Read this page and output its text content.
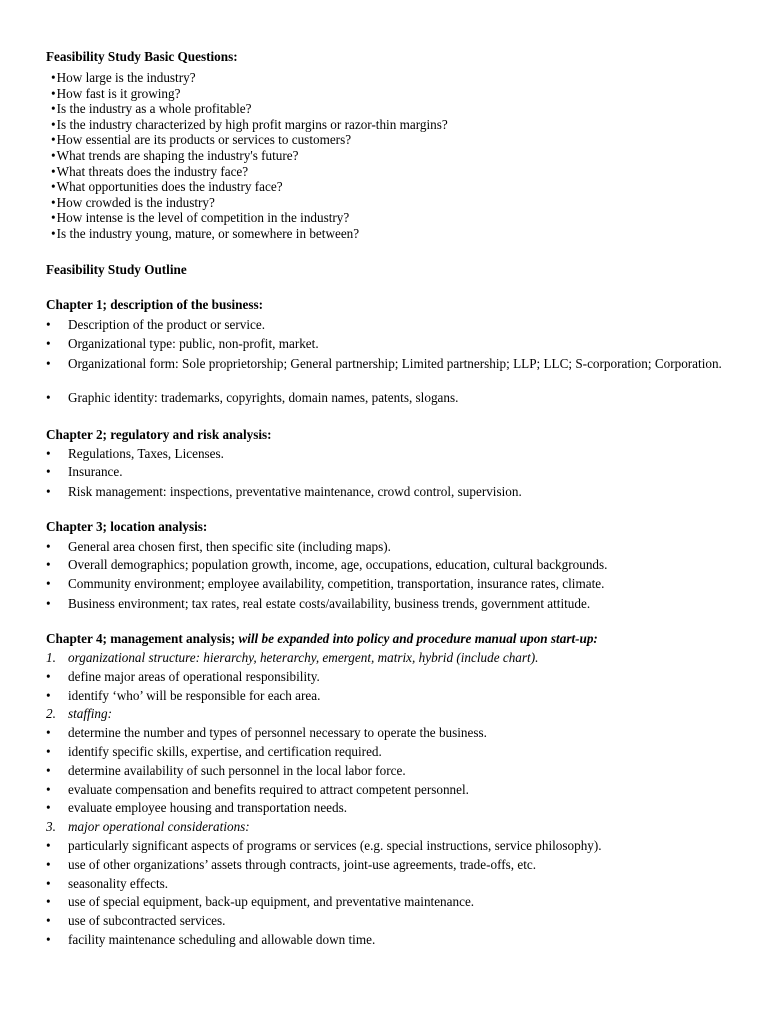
Feasibility Study Basic Questions:
•How large is the industry?
•How fast is it growing?
•Is the industry as a whole profitable?
•Is the industry characterized by high profit margins or razor-thin margins?
•How essential are its products or services to customers?
•What trends are shaping the industry's future?
•What threats does the industry face?
•What opportunities does the industry face?
•How crowded is the industry?
•How intense is the level of competition in the industry?
•Is the industry young, mature, or somewhere in between?
Feasibility Study Outline
Chapter 1; description of the business:
• Description of the product or service.
• Organizational type: public, non-profit, market.
• Organizational form: Sole proprietorship; General partnership; Limited partnership; LLP; LLC; S-corporation; Corporation.
• Graphic identity: trademarks, copyrights, domain names, patents, slogans.
Chapter 2; regulatory and risk analysis:
• Regulations, Taxes, Licenses.
• Insurance.
• Risk management: inspections, preventative maintenance, crowd control, supervision.
Chapter 3; location analysis:
• General area chosen first, then specific site (including maps).
• Overall demographics; population growth, income, age, occupations, education, cultural backgrounds.
• Community environment; employee availability, competition, transportation, insurance rates, climate.
• Business environment; tax rates, real estate costs/availability, business trends, government attitude.
Chapter 4; management analysis; will be expanded into policy and procedure manual upon start-up:
1. organizational structure: hierarchy, heterarchy, emergent, matrix, hybrid (include chart).
• define major areas of operational responsibility.
• identify ‘who’ will be responsible for each area.
2. staffing:
• determine the number and types of personnel necessary to operate the business.
• identify specific skills, expertise, and certification required.
• determine availability of such personnel in the local labor force.
• evaluate compensation and benefits required to attract competent personnel.
• evaluate employee housing and transportation needs.
3. major operational considerations:
• particularly significant aspects of programs or services (e.g. special instructions, service philosophy).
• use of other organizations’ assets through contracts, joint-use agreements, trade-offs, etc.
• seasonality effects.
• use of special equipment, back-up equipment, and preventative maintenance.
• use of subcontracted services.
• facility maintenance scheduling and allowable down time.
